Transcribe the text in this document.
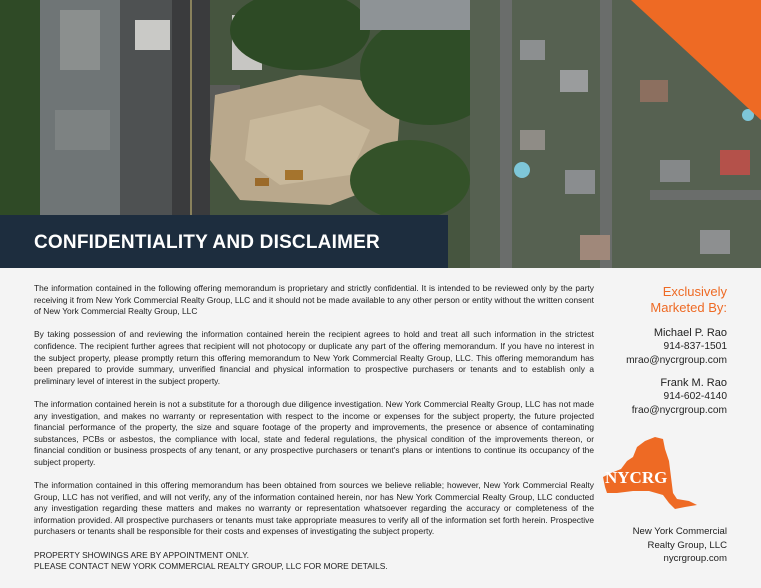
CONFIDENTIALITY AND DISCLAIMER

The information contained in the following offering memorandum is proprietary and strictly confidential. It is intended to be reviewed only by the party receiving it from New York Commercial Realty Group, LLC and it should not be made available to any other person or entity without the written consent of New York Commercial Realty Group, LLC

By taking possession of and reviewing the information contained herein the recipient agrees to hold and treat all such information in the strictest confidence. The recipient further agrees that recipient will not photocopy or duplicate any part of the offering memorandum. If you have no interest in the subject property, please promptly return this offering memorandum to New York Commercial Realty Group, LLC. This offering memorandum has been prepared to provide summary, unverified financial and physical information to prospective purchasers or tenants and to establish only a preliminary level of interest in the subject property.

The information contained herein is not a substitute for a thorough due diligence investigation. New York Commercial Realty Group, LLC has not made any investigation, and makes no warranty or representation with respect to the income or expenses for the subject property, the future projected financial performance of the property, the size and square footage of the property and improvements, the presence or absence of contaminating substances, PCBs or asbestos, the compliance with local, state and federal regulations, the physical condition of the improvements thereon, or financial condition or business prospects of any tenant, or any prospective purchasers or tenant's plans or intentions to continue its occupancy of the subject property.

The information contained in this offering memorandum has been obtained from sources we believe reliable; however, New York Commercial Realty Group, LLC has not verified, and will not verify, any of the information contained herein, nor has New York Commercial Realty Group, LLC conducted any investigation regarding these matters and makes no warranty or representation whatsoever regarding the accuracy or completeness of the information provided. All prospective purchasers or tenants must take appropriate measures to verify all of the information set forth herein. Prospective purchasers or tenants shall be responsible for their costs and expenses of investigating the subject property.

PROPERTY SHOWINGS ARE BY APPOINTMENT ONLY.
PLEASE CONTACT NEW YORK COMMERCIAL REALTY GROUP, LLC FOR MORE DETAILS.

Exclusively
Marketed By:
Michael P. Rao
914-837-1501
mrao@nycrgroup.com
Frank M. Rao
914-602-4140
frao@nycrgroup.com
NYCRG
New York Commercial
Realty Group, LLC
nycrgroup.com
